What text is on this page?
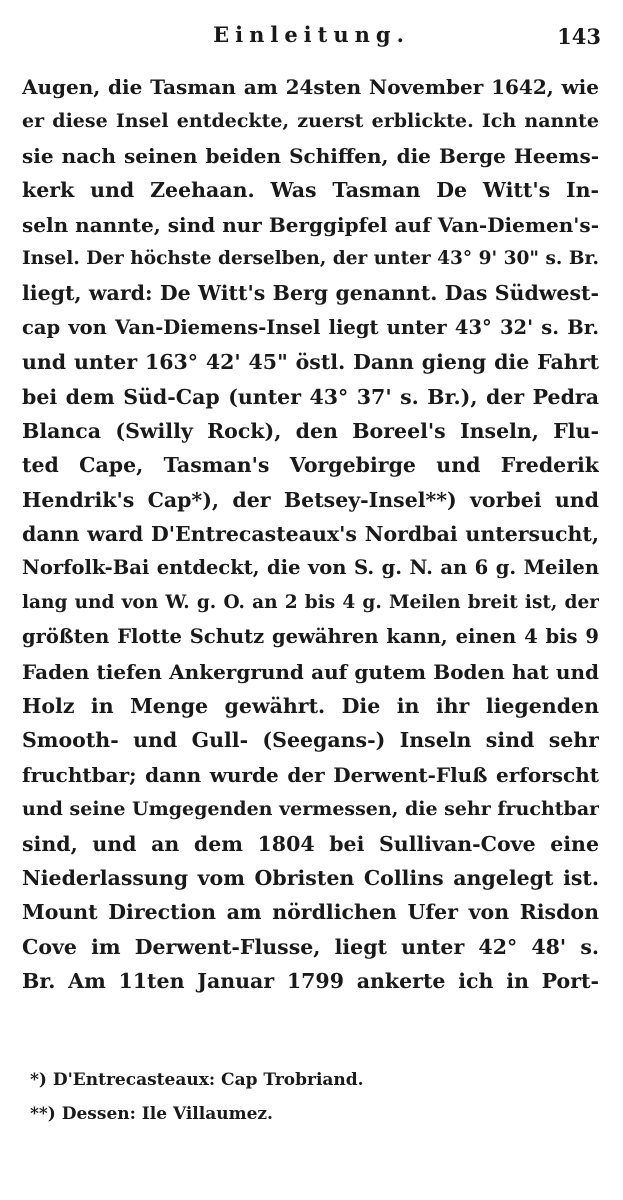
Einleitung.	143
Augen, die Tasman am 24sten November 1642, wie
er diese Insel entdeckte, zuerst erblickte. Ich nannte
sie nach seinen beiden Schiffen, die Berge Heems-
kerk und Zeehaan. Was Tasman De Witt's In-
seln nannte, sind nur Berggipfel auf Van-Diemen's-
Insel. Der höchste derselben, der unter 43° 9' 30" s. Br.
liegt, ward: De Witt's Berg genannt. Das Südwest-
cap von Van-Diemens-Insel liegt unter 43° 32' s. Br.
und unter 163° 42' 45" östl. Dann gieng die Fahrt
bei dem Süd-Cap (unter 43° 37' s. Br.), der Pedra
Blanca (Swilly Rock), den Boreel's Inseln, Flu-
ted Cape, Tasman's Vorgebirge und Frederik
Hendrik's Cap*), der Betsey-Insel**) vorbei und
dann ward D'Entrecasteaux's Nordbai untersucht,
Norfolk-Bai entdeckt, die von S. g. N. an 6 g. Meilen
lang und von W. g. O. an 2 bis 4 g. Meilen breit ist, der
größten Flotte Schutz gewähren kann, einen 4 bis 9
Faden tiefen Ankergrund auf gutem Boden hat und
Holz in Menge gewährt. Die in ihr liegenden
Smooth- und Gull- (Seegans-) Inseln sind sehr
fruchtbar; dann wurde der Derwent-Fluß erforscht
und seine Umgegenden vermessen, die sehr fruchtbar
sind, und an dem 1804 bei Sullivan-Cove eine
Niederlassung vom Obristen Collins angelegt ist.
Mount Direction am nördlichen Ufer von Risdon
Cove im Derwent-Flusse, liegt unter 42° 48' s.
Br. Am 11ten Januar 1799 ankerte ich in Port-
*) D'Entrecasteaux: Cap Trobriand.
**) Dessen: Ile Villaumez.
